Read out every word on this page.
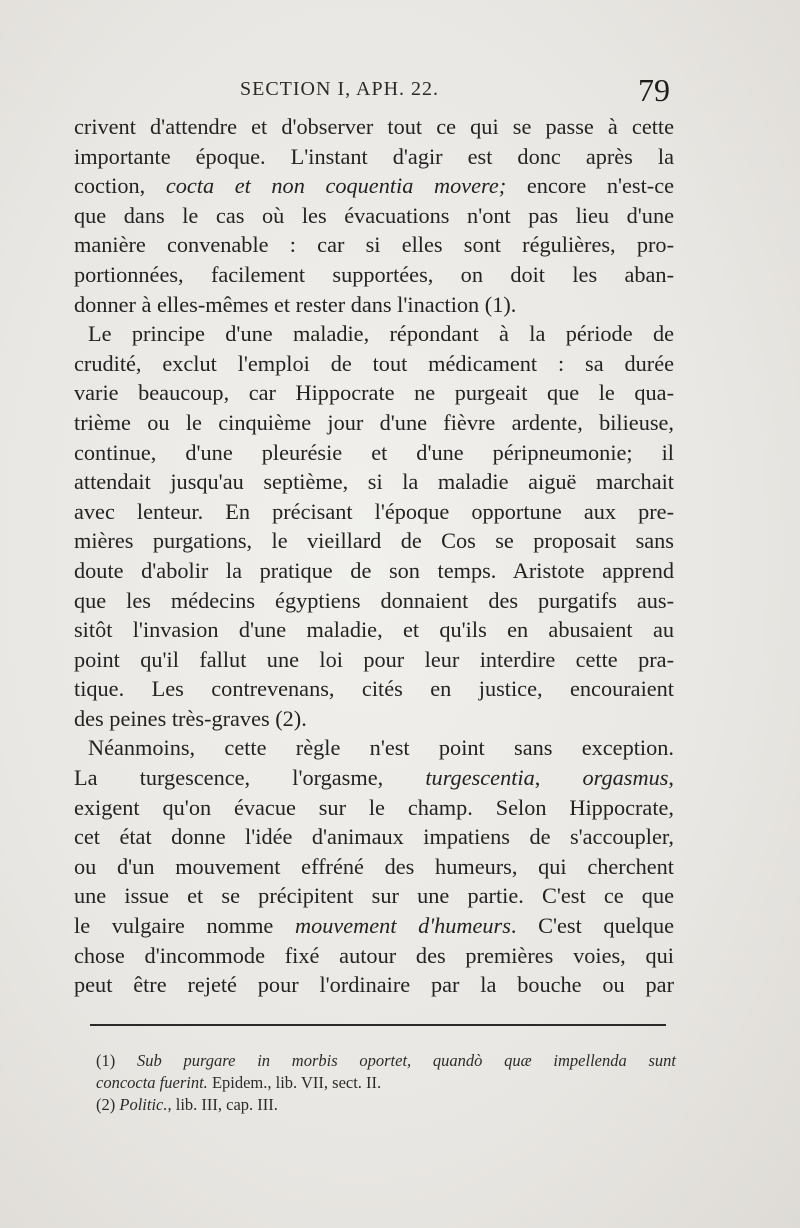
SECTION I, APH. 22.	79
crivent d'attendre et d'observer tout ce qui se passe à cette
importante époque. L'instant d'agir est donc après la
coction, cocta et non coquentia movere; encore n'est-ce
que dans le cas où les évacuations n'ont pas lieu d'une
manière convenable : car si elles sont régulières, pro-
portionnées, facilement supportées, on doit les aban-
donner à elles-mêmes et rester dans l'inaction (1).
Le principe d'une maladie, répondant à la période de
crudité, exclut l'emploi de tout médicament : sa durée
varie beaucoup, car Hippocrate ne purgeait que le qua-
trième ou le cinquième jour d'une fièvre ardente, bilieuse,
continue, d'une pleurésie et d'une péripneumonie; il
attendait jusqu'au septième, si la maladie aiguë marchait
avec lenteur. En précisant l'époque opportune aux pre-
mières purgations, le vieillard de Cos se proposait sans
doute d'abolir la pratique de son temps. Aristote apprend
que les médecins égyptiens donnaient des purgatifs aus-
sitôt l'invasion d'une maladie, et qu'ils en abusaient au
point qu'il fallut une loi pour leur interdire cette pra-
tique. Les contrevenans, cités en justice, encouraient
des peines très-graves (2).
Néanmoins, cette règle n'est point sans exception.
La turgescence, l'orgasme, turgescentia, orgasmus,
exigent qu'on évacue sur le champ. Selon Hippocrate,
cet état donne l'idée d'animaux impatiens de s'accoupler,
ou d'un mouvement effréné des humeurs, qui cherchent
une issue et se précipitent sur une partie. C'est ce que
le vulgaire nomme mouvement d'humeurs. C'est quelque
chose d'incommode fixé autour des premières voies, qui
peut être rejeté pour l'ordinaire par la bouche ou par
(1) Sub purgare in morbis oportet, quandò quæ impellenda sunt
concocta fuerint. Epidem., lib. VII, sect. II.
(2) Politic., lib. III, cap. III.
